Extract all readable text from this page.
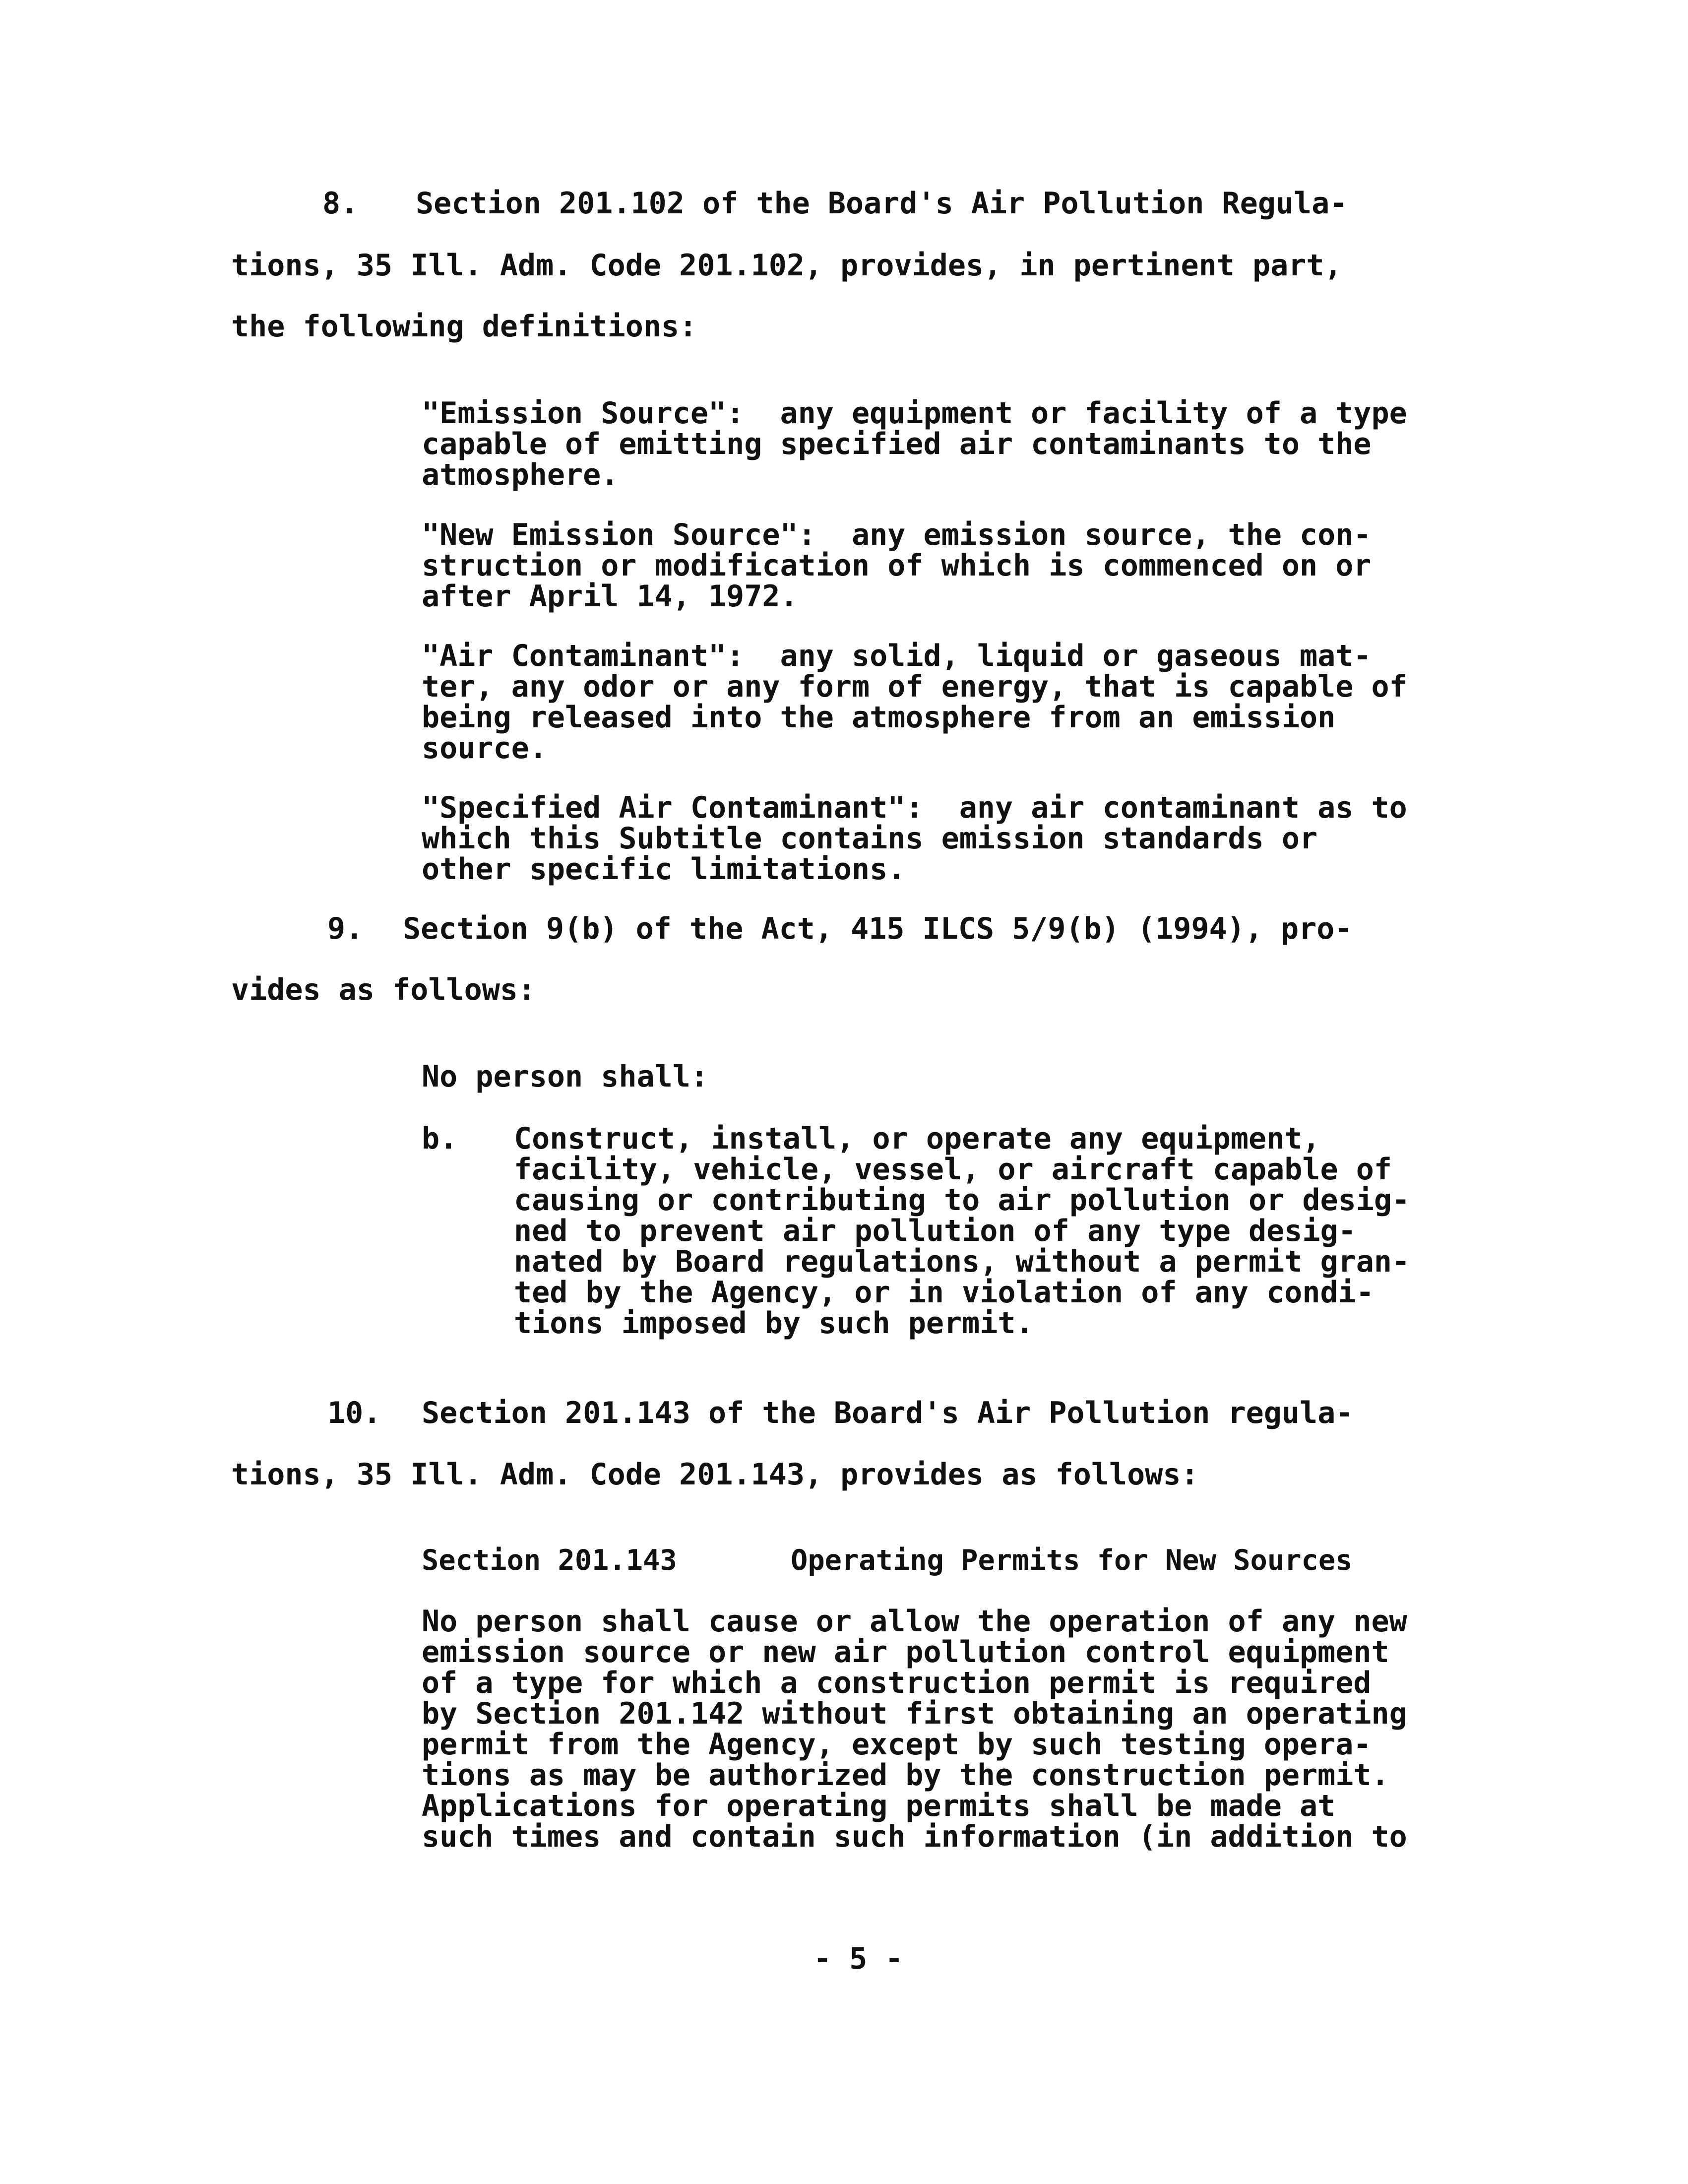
8. Section 201.102 of the Board's Air Pollution Regula-
tions, 35 Ill. Adm. Code 201.102, provides, in pertinent part,
the following definitions:
"Emission Source":  any equipment or facility of a type
capable of emitting specified air contaminants to the
atmosphere.
"New Emission Source":  any emission source, the con-
struction or modification of which is commenced on or
after April 14, 1972.
"Air Contaminant":  any solid, liquid or gaseous mat-
ter, any odor or any form of energy, that is capable of
being released into the atmosphere from an emission
source.
"Specified Air Contaminant":  any air contaminant as to
which this Subtitle contains emission standards or
other specific limitations.
9. Section 9(b) of the Act, 415 ILCS 5/9(b) (1994), pro-
vides as follows:
No person shall:
b. Construct, install, or operate any equipment,
facility, vehicle, vessel, or aircraft capable of
causing or contributing to air pollution or desig-
ned to prevent air pollution of any type desig-
nated by Board regulations, without a permit gran-
ted by the Agency, or in violation of any condi-
tions imposed by such permit.
10. Section 201.143 of the Board's Air Pollution regula-
tions, 35 Ill. Adm. Code 201.143, provides as follows:
Section 201.143	Operating Permits for New Sources
No person shall cause or allow the operation of any new
emission source or new air pollution control equipment
of a type for which a construction permit is required
by Section 201.142 without first obtaining an operating
permit from the Agency, except by such testing opera-
tions as may be authorized by the construction permit.
Applications for operating permits shall be made at
such times and contain such information (in addition to
- 5 -
